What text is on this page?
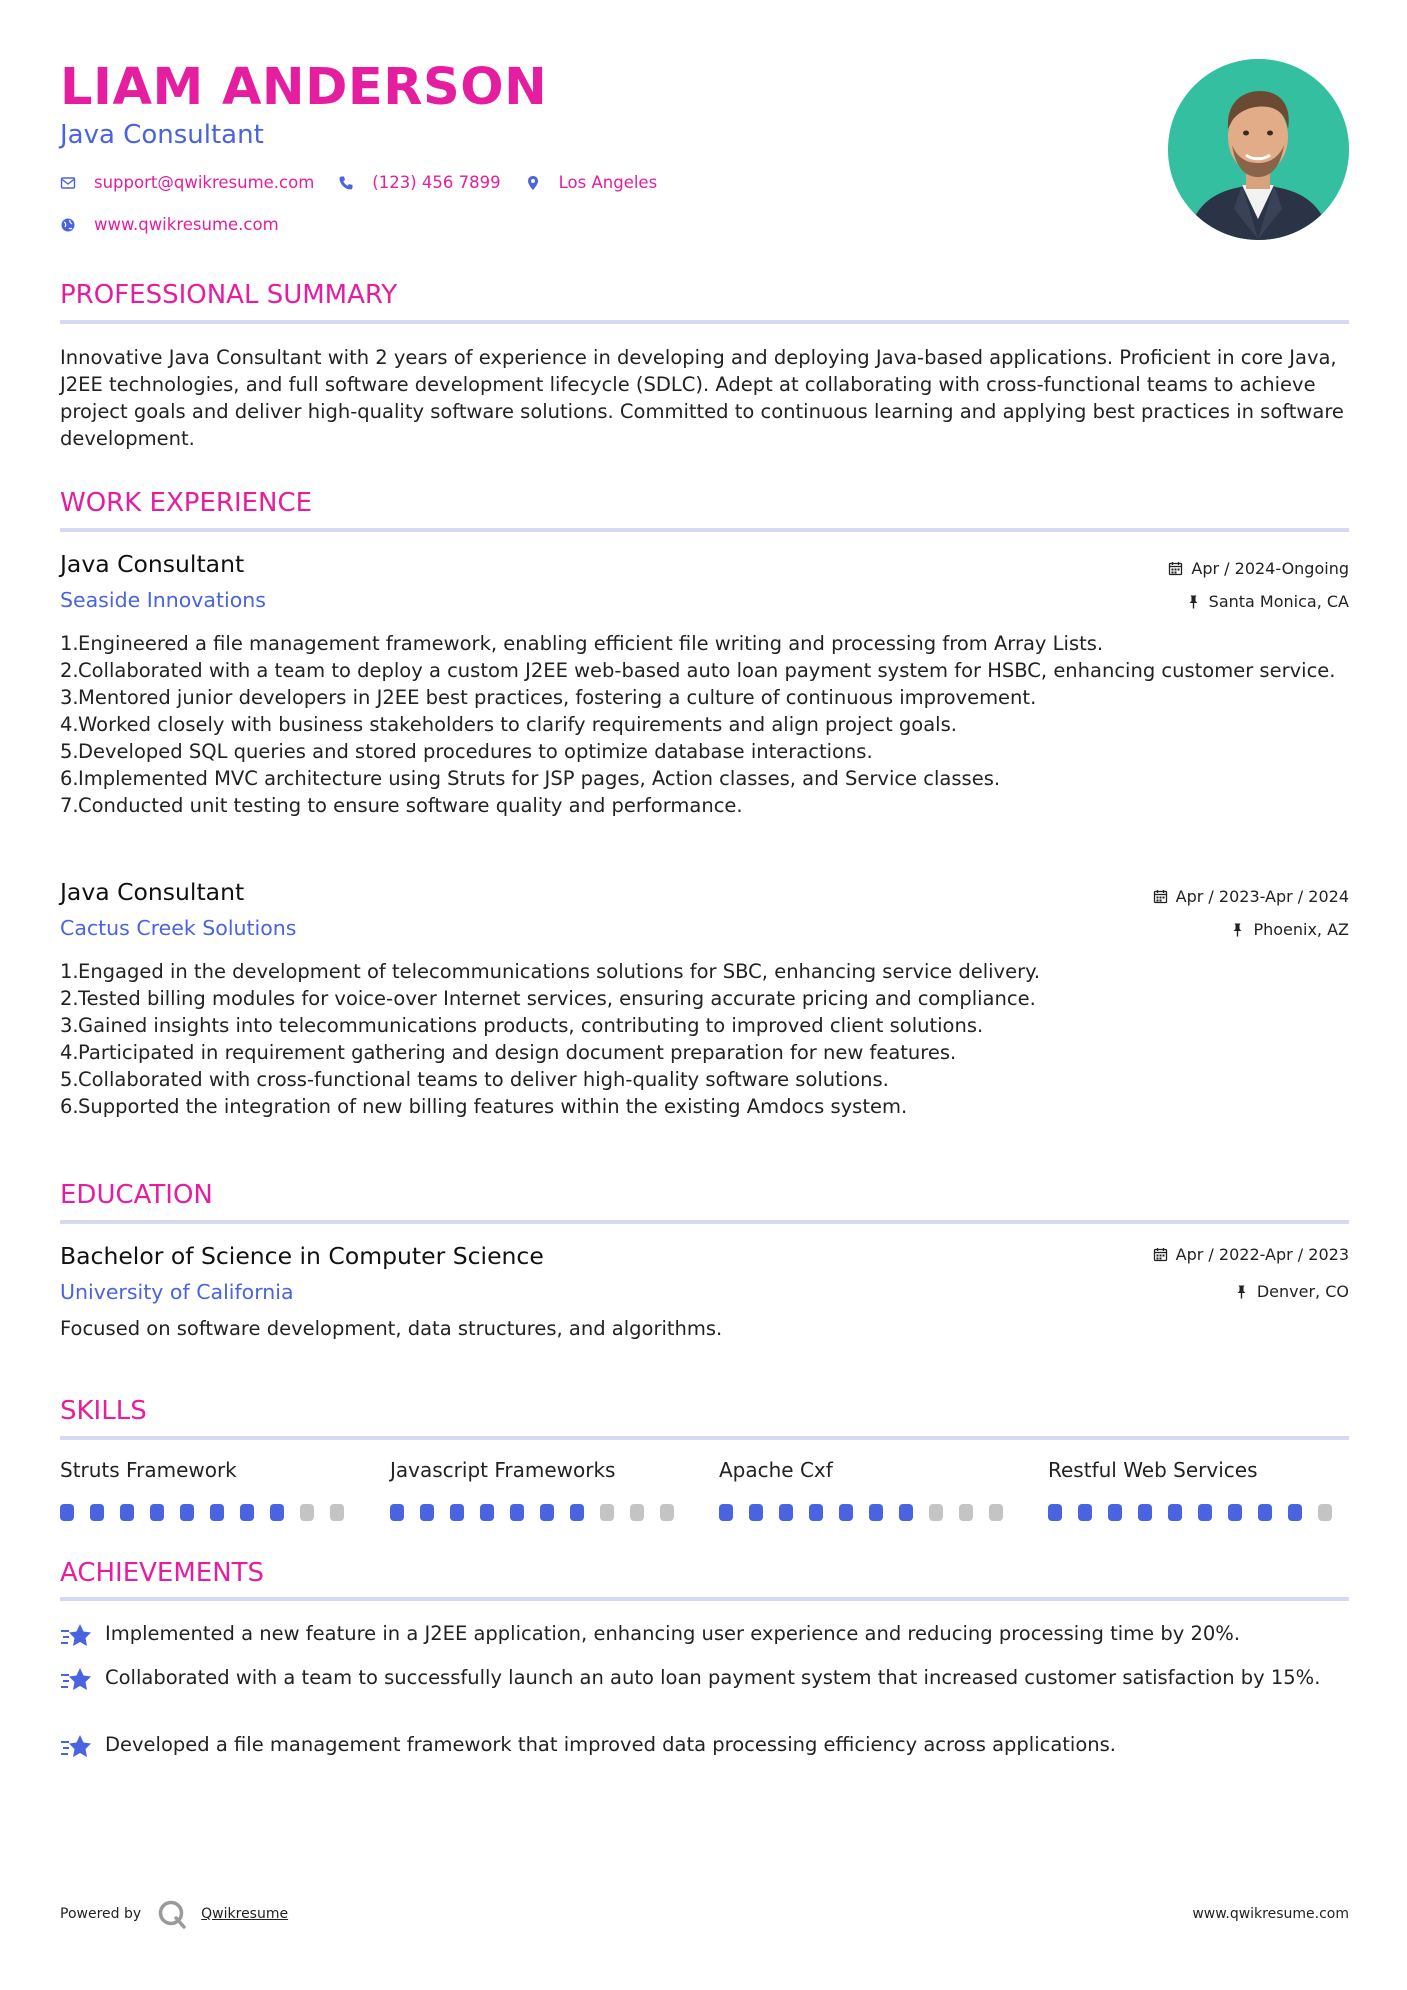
LIAM ANDERSON
Java Consultant
support@qwikresume.com	(123) 456 7899	Los Angeles
www.qwikresume.com
PROFESSIONAL SUMMARY
Innovative Java Consultant with 2 years of experience in developing and deploying Java-based applications. Proficient in core Java, J2EE technologies, and full software development lifecycle (SDLC). Adept at collaborating with cross-functional teams to achieve project goals and deliver high-quality software solutions. Committed to continuous learning and applying best practices in software development.
WORK EXPERIENCE
Java Consultant	Apr / 2024-Ongoing
Seaside Innovations	Santa Monica, CA
1. Engineered a file management framework, enabling efficient file writing and processing from Array Lists.
2. Collaborated with a team to deploy a custom J2EE web-based auto loan payment system for HSBC, enhancing customer service.
3. Mentored junior developers in J2EE best practices, fostering a culture of continuous improvement.
4. Worked closely with business stakeholders to clarify requirements and align project goals.
5. Developed SQL queries and stored procedures to optimize database interactions.
6. Implemented MVC architecture using Struts for JSP pages, Action classes, and Service classes.
7. Conducted unit testing to ensure software quality and performance.
Java Consultant	Apr / 2023-Apr / 2024
Cactus Creek Solutions	Phoenix, AZ
1. Engaged in the development of telecommunications solutions for SBC, enhancing service delivery.
2. Tested billing modules for voice-over Internet services, ensuring accurate pricing and compliance.
3. Gained insights into telecommunications products, contributing to improved client solutions.
4. Participated in requirement gathering and design document preparation for new features.
5. Collaborated with cross-functional teams to deliver high-quality software solutions.
6. Supported the integration of new billing features within the existing Amdocs system.
EDUCATION
Bachelor of Science in Computer Science	Apr / 2022-Apr / 2023
University of California	Denver, CO
Focused on software development, data structures, and algorithms.
SKILLS
Struts Framework	Javascript Frameworks	Apache Cxf	Restful Web Services
ACHIEVEMENTS
Implemented a new feature in a J2EE application, enhancing user experience and reducing processing time by 20%.
Collaborated with a team to successfully launch an auto loan payment system that increased customer satisfaction by 15%.
Developed a file management framework that improved data processing efficiency across applications.
Powered by	Qwikresume	www.qwikresume.com
